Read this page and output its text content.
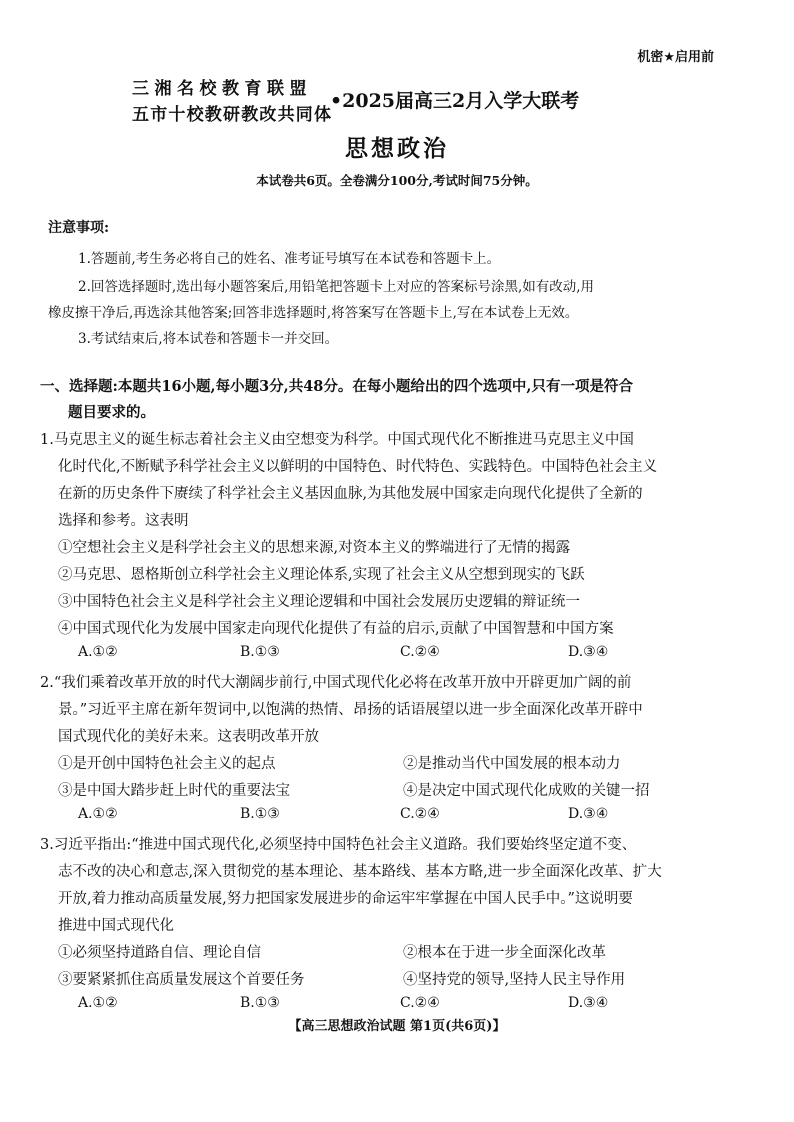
机密★启用前
三湘名校教育联盟
五市十校教研教改共同体
•2025届高三2月入学大联考
思想政治
本试卷共6页。全卷满分100分,考试时间75分钟。
注意事项:
1.答题前,考生务必将自己的姓名、准考证号填写在本试卷和答题卡上。
2.回答选择题时,选出每小题答案后,用铅笔把答题卡上对应的答案标号涂黑,如有改动,用
橡皮擦干净后,再选涂其他答案;回答非选择题时,将答案写在答题卡上,写在本试卷上无效。
3.考试结束后,将本试卷和答题卡一并交回。
一、选择题:本题共16小题,每小题3分,共48分。在每小题给出的四个选项中,只有一项是符合
题目要求的。
1.马克思主义的诞生标志着社会主义由空想变为科学。中国式现代化不断推进马克思主义中国
化时代化,不断赋予科学社会主义以鲜明的中国特色、时代特色、实践特色。中国特色社会主义
在新的历史条件下赓续了科学社会主义基因血脉,为其他发展中国家走向现代化提供了全新的
选择和参考。这表明
①空想社会主义是科学社会主义的思想来源,对资本主义的弊端进行了无情的揭露
②马克思、恩格斯创立科学社会主义理论体系,实现了社会主义从空想到现实的飞跃
③中国特色社会主义是科学社会主义理论逻辑和中国社会发展历史逻辑的辩证统一
④中国式现代化为发展中国家走向现代化提供了有益的启示,贡献了中国智慧和中国方案
A.①②	B.①③	C.②④	D.③④
2.“我们乘着改革开放的时代大潮阔步前行,中国式现代化必将在改革开放中开辟更加广阔的前
景。”习近平主席在新年贺词中,以饱满的热情、昂扬的话语展望以进一步全面深化改革开辟中
国式现代化的美好未来。这表明改革开放
①是开创中国特色社会主义的起点	②是推动当代中国发展的根本动力
③是中国大踏步赶上时代的重要法宝	④是决定中国式现代化成败的关键一招
A.①②	B.①③	C.②④	D.③④
3.习近平指出:“推进中国式现代化,必须坚持中国特色社会主义道路。我们要始终坚定道不变、
志不改的决心和意志,深入贯彻党的基本理论、基本路线、基本方略,进一步全面深化改革、扩大
开放,着力推动高质量发展,努力把国家发展进步的命运牢牢掌握在中国人民手中。”这说明要
推进中国式现代化
①必须坚持道路自信、理论自信	②根本在于进一步全面深化改革
③要紧紧抓住高质量发展这个首要任务	④坚持党的领导,坚持人民主导作用
A.①②	B.①③	C.②④	D.③④
【高三思想政治试题 第1页(共6页)】
